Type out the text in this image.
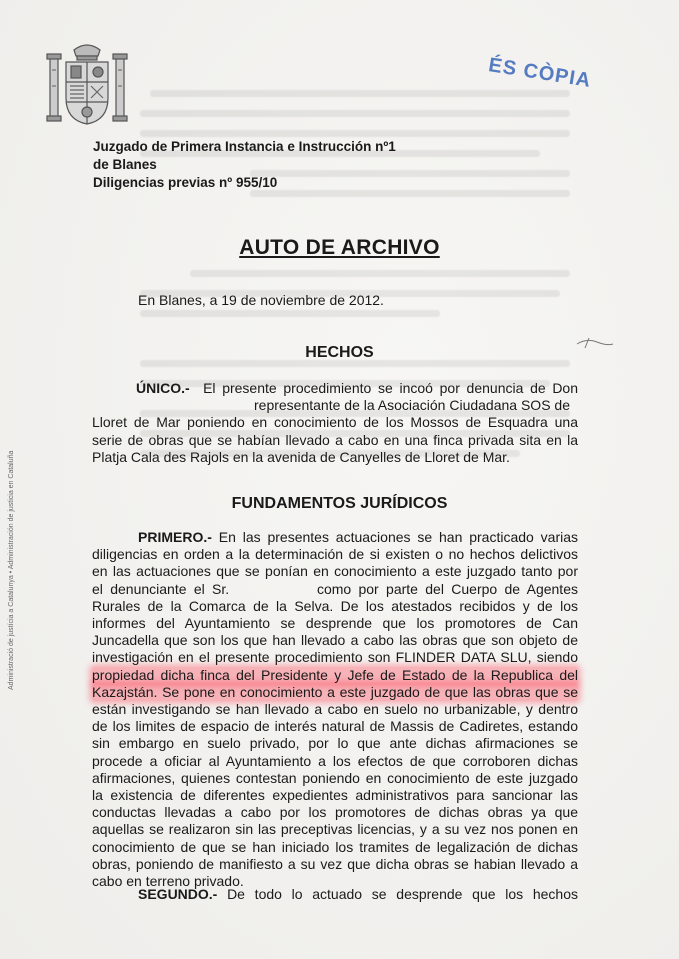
ÉS CÒPIA
Juzgado de Primera Instancia e Instrucción nº1
de Blanes
Diligencias previas nº 955/10
AUTO DE ARCHIVO
En Blanes, a 19 de noviembre de 2012.
HECHOS
ÚNICO.- El presente procedimiento se incoó por denuncia de Don
representante de la Asociación Ciudadana SOS de
Lloret de Mar poniendo en conocimiento de los Mossos de Esquadra una
serie de obras que se habían llevado a cabo en una finca privada sita en la
Platja Cala des Rajols en la avenida de Canyelles de Lloret de Mar.
FUNDAMENTOS JURÍDICOS
PRIMERO.- En las presentes actuaciones se han practicado varias
diligencias en orden a la determinación de si existen o no hechos delictivos
en las actuaciones que se ponían en conocimiento a este juzgado tanto por
el denunciante el Sr.            como por parte del Cuerpo de Agentes
Rurales de la Comarca de la Selva. De los atestados recibidos y de los
informes del Ayuntamiento se desprende que los promotores de Can
Juncadella que son los que han llevado a cabo las obras que son objeto de
investigación en el presente procedimiento son FLINDER DATA SLU, siendo
propiedad dicha finca del Presidente y Jefe de Estado de la Republica del
Kazajstán. Se pone en conocimiento a este juzgado de que las obras que se
están investigando se han llevado a cabo en suelo no urbanizable, y dentro
de los limites de espacio de interés natural de Massis de Cadiretes, estando
sin embargo en suelo privado, por lo que ante dichas afirmaciones se
procede a oficiar al Ayuntamiento a los efectos de que corroboren dichas
afirmaciones, quienes contestan poniendo en conocimiento de este juzgado
la existencia de diferentes expedientes administrativos para sancionar las
conductas llevadas a cabo por los promotores de dichas obras ya que
aquellas se realizaron sin las preceptivas licencias, y a su vez nos ponen en
conocimiento de que se han iniciado los tramites de legalización de dichas
obras, poniendo de manifiesto a su vez que dicha obras se habian llevado a
cabo en terreno privado.
SEGUNDO.- De todo lo actuado se desprende que los hechos
Administració de justícia a Catalunya • Administración de justicia en Cataluña
